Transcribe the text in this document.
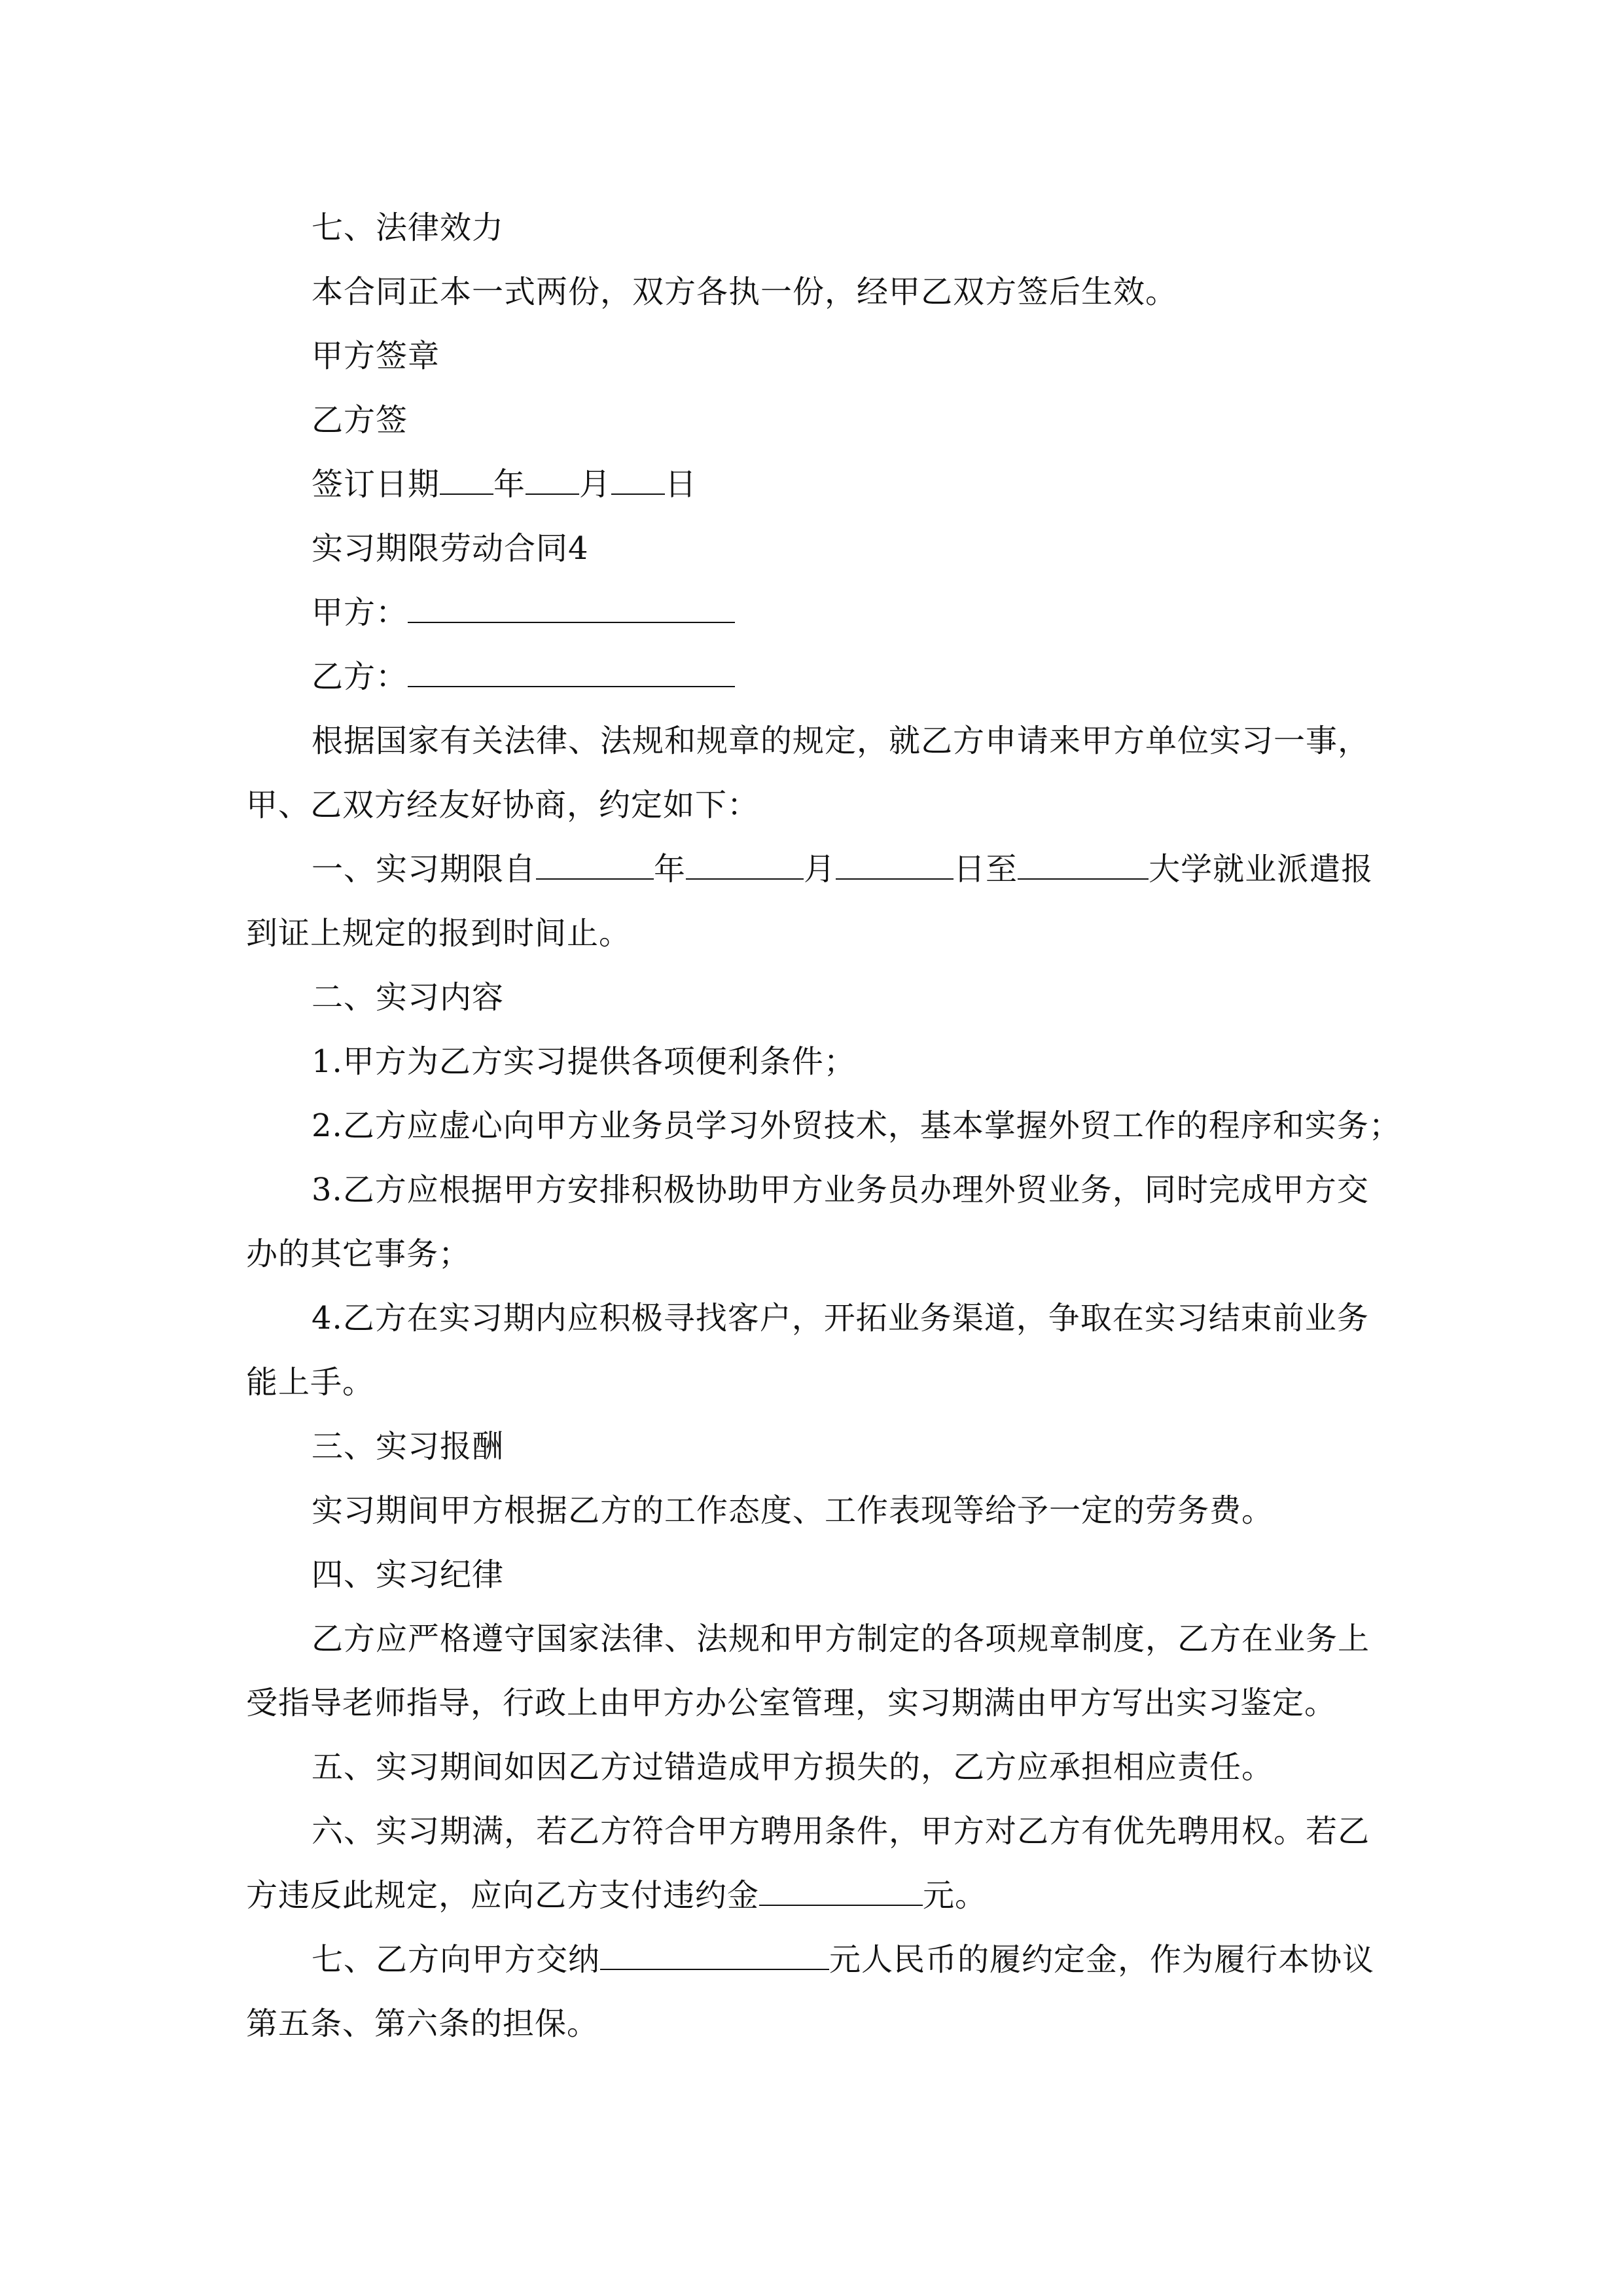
七、法律效力
本合同正本一式两份，双方各执一份，经甲乙双方签后生效。
甲方签章
乙方签
签订日期 年 月 日
实习期限劳动合同4
甲方：
乙方：
根据国家有关法律、法规和规章的规定，就乙方申请来甲方单位实习一事，
甲、乙双方经友好协商，约定如下：
一、实习期限自	年	月	日至	大学就业派遣报
到证上规定的报到时间止。
二、实习内容
1.甲方为乙方实习提供各项便利条件；
2.乙方应虚心向甲方业务员学习外贸技术，基本掌握外贸工作的程序和实务；
3.乙方应根据甲方安排积极协助甲方业务员办理外贸业务，同时完成甲方交
办的其它事务；
4.乙方在实习期内应积极寻找客户，开拓业务渠道，争取在实习结束前业务
能上手。
三、实习报酬
实习期间甲方根据乙方的工作态度、工作表现等给予一定的劳务费。
四、实习纪律
乙方应严格遵守国家法律、法规和甲方制定的各项规章制度，乙方在业务上
受指导老师指导，行政上由甲方办公室管理，实习期满由甲方写出实习鉴定。
五、实习期间如因乙方过错造成甲方损失的，乙方应承担相应责任。
六、实习期满，若乙方符合甲方聘用条件，甲方对乙方有优先聘用权。若乙
方违反此规定，应向乙方支付违约金	元。
七、乙方向甲方交纳	元人民币的履约定金，作为履行本协议
第五条、第六条的担保。
